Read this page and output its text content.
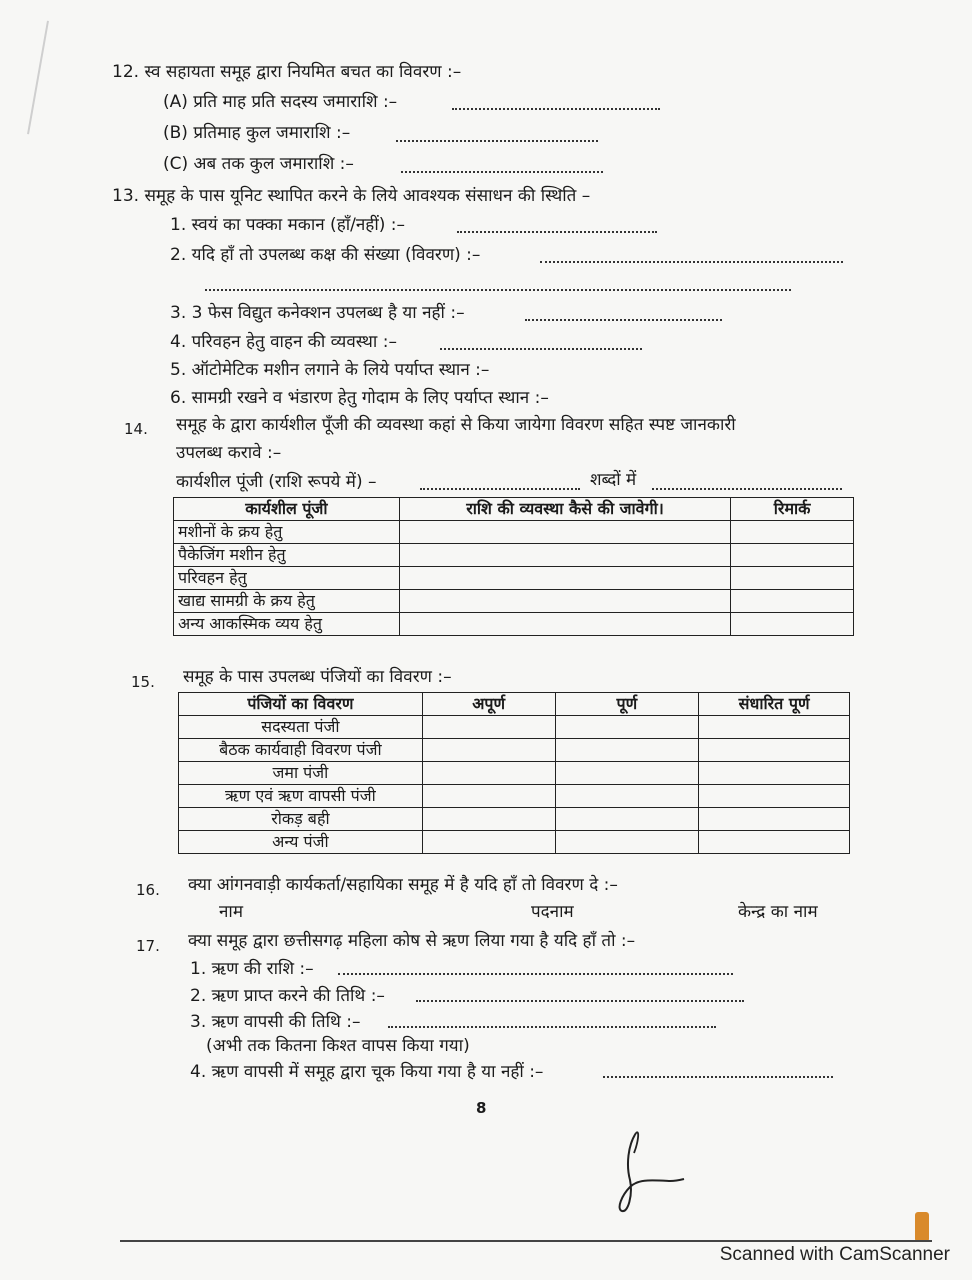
12. स्व सहायता समूह द्वारा नियमित बचत का विवरण :–
(A) प्रति माह प्रति सदस्य जमाराशि :–
(B) प्रतिमाह कुल जमाराशि :–
(C) अब तक कुल जमाराशि :–
13. समूह के पास यूनिट स्थापित करने के लिये आवश्यक संसाधन की स्थिति –
1. स्वयं का पक्का मकान (हाँ/नहीं) :–
2. यदि हाँ तो उपलब्ध कक्ष की संख्या (विवरण) :–
3. 3 फेस विद्युत कनेक्शन उपलब्ध है या नहीं :–
4. परिवहन हेतु वाहन की व्यवस्था :–
5. ऑटोमेटिक मशीन लगाने के लिये पर्याप्त स्थान :–
6. सामग्री रखने व भंडारण हेतु गोदाम के लिए पर्याप्त स्थान :–
14. समूह के द्वारा कार्यशील पूँजी की व्यवस्था कहां से किया जायेगा विवरण सहित स्पष्ट जानकारी
उपलब्ध करावे :–
कार्यशील पूंजी (राशि रूपये में) –	शब्दों में
कार्यशील पूंजी	राशि की व्यवस्था कैसे की जावेगी।	रिमार्क
मशीनों के क्रय हेतु		
पैकेजिंग मशीन हेतु		
परिवहन हेतु		
खाद्य सामग्री के क्रय हेतु		
अन्य आकस्मिक व्यय हेतु		
15. समूह के पास उपलब्ध पंजियों का विवरण :–
पंजियों का विवरण	अपूर्ण	पूर्ण	संधारित पूर्ण
सदस्यता पंजी			
बैठक कार्यवाही विवरण पंजी			
जमा पंजी			
ऋण एवं ऋण वापसी पंजी			
रोकड़ बही			
अन्य पंजी			
16. क्या आंगनवाड़ी कार्यकर्ता/सहायिका समूह में है यदि हाँ तो विवरण दे :–
नाम	पदनाम	केन्द्र का नाम
17. क्या समूह द्वारा छत्तीसगढ़ महिला कोष से ऋण लिया गया है यदि हाँ तो :–
1. ऋण की राशि :–
2. ऋण प्राप्त करने की तिथि :–
3. ऋण वापसी की तिथि :–
(अभी तक कितना किश्त वापस किया गया)
4. ऋण वापसी में समूह द्वारा चूक किया गया है या नहीं :–
8
Scanned with CamScanner
